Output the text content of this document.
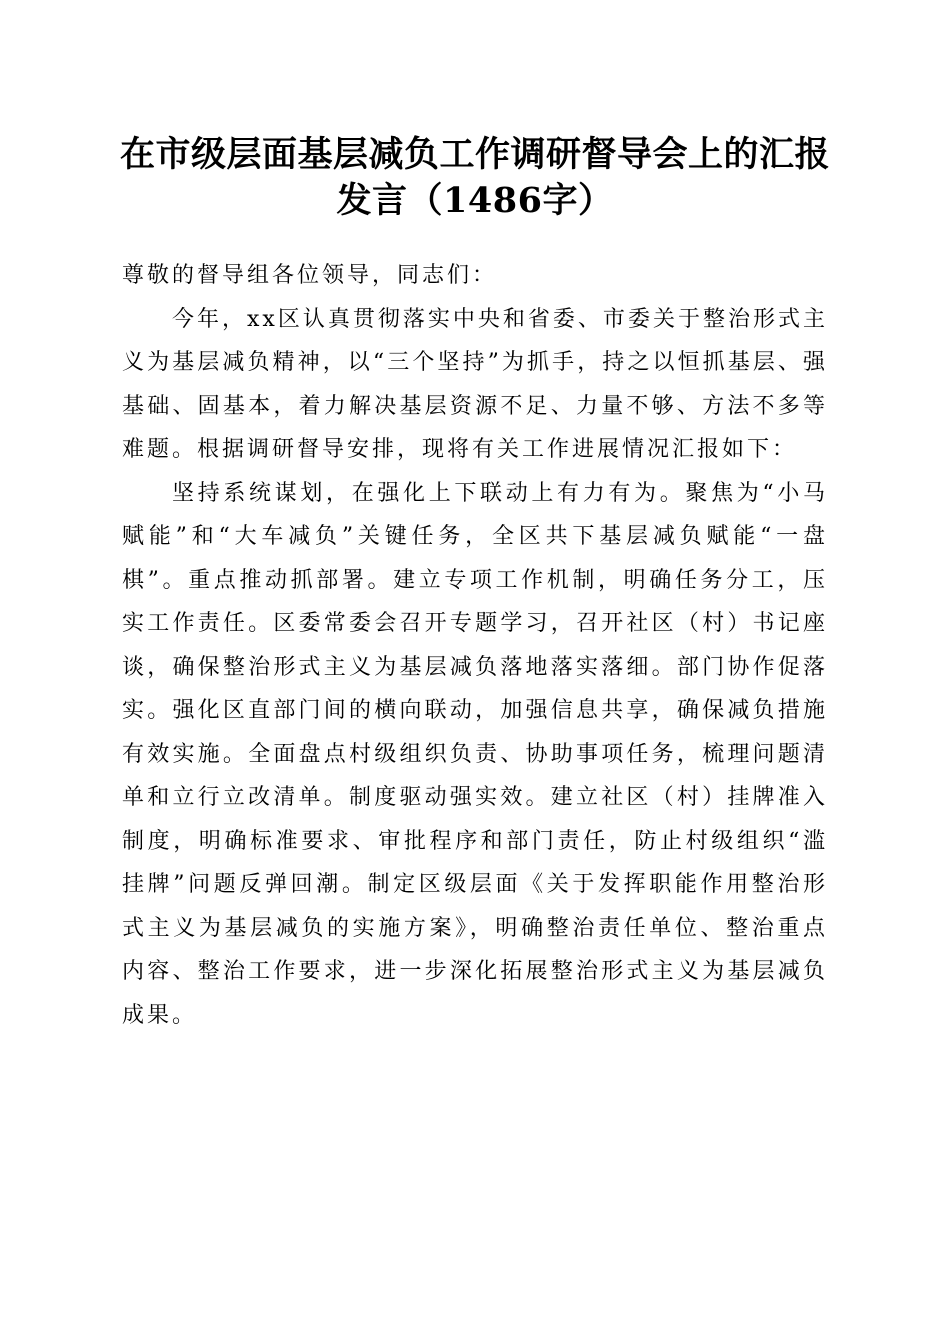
在市级层面基层减负工作调研督导会上的汇报
发言（1486字）

尊敬的督导组各位领导，同志们：

今年，xx区认真贯彻落实中央和省委、市委关于整治形式主义为基层减负精神，以“三个坚持”为抓手，持之以恒抓基层、强基础、固基本，着力解决基层资源不足、力量不够、方法不多等难题。根据调研督导安排，现将有关工作进展情况汇报如下：

坚持系统谋划，在强化上下联动上有力有为。聚焦为“小马赋能”和“大车减负”关键任务，全区共下基层减负赋能“一盘棋”。重点推动抓部署。建立专项工作机制，明确任务分工，压实工作责任。区委常委会召开专题学习，召开社区（村）书记座谈，确保整治形式主义为基层减负落地落实落细。部门协作促落实。强化区直部门间的横向联动，加强信息共享，确保减负措施有效实施。全面盘点村级组织负责、协助事项任务，梳理问题清单和立行立改清单。制度驱动强实效。建立社区（村）挂牌准入制度，明确标准要求、审批程序和部门责任，防止村级组织“滥挂牌”问题反弹回潮。制定区级层面《关于发挥职能作用整治形式主义为基层减负的实施方案》，明确整治责任单位、整治重点内容、整治工作要求，进一步深化拓展整治形式主义为基层减负成果。
